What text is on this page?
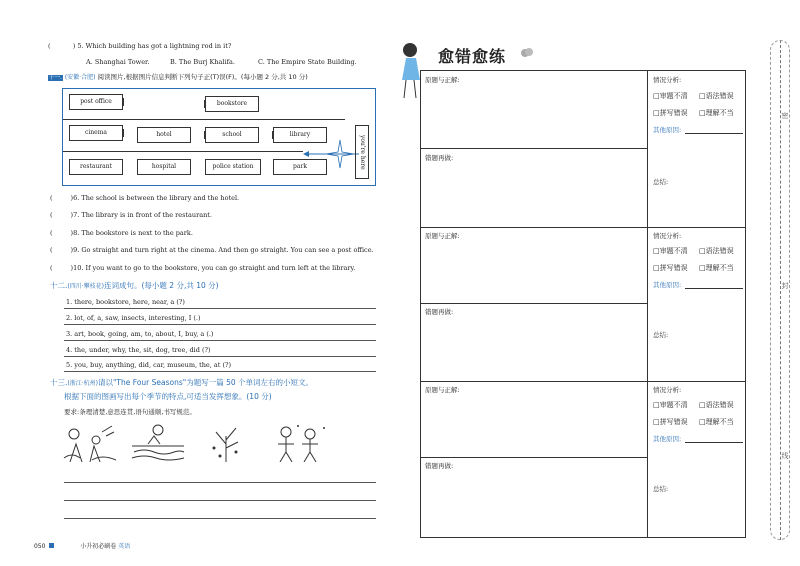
(	) 5. Which building has got a lightning rod in it?
A. Shanghai Tower.	B. The Burj Khalifa.	C. The Empire State Building.
十一. (安徽·合肥) 阅读图片,根据图片信息判断下列句子正(T)误(F)。(每小题 2 分,共 10 分)
post office	bookstore
cinema	hotel	school	library
restaurant	hospital	police station	park	you're here
(	)6. The school is between the library and the hotel.
(	)7. The library is in front of the restaurant.
(	)8. The bookstore is next to the park.
(	)9. Go straight and turn right at the cinema. And then go straight. You can see a post office.
(	)10. If you want to go to the bookstore, you can go straight and turn left at the library.
十二.(四川·攀枝花)连词成句。(每小题 2 分,共 10 分)
1. there, bookstore, here, near, a (?)
2. lot, of, a, saw, insects, interesting, I (.)
3. art, book, going, am, to, about, I, buy, a (.)
4. the, under, why, the, sit, dog, tree, did (?)
5. you, buy, anything, did, car, museum, the, at (?)
十三.(浙江·杭州)请以"The Four Seasons"为题写一篇 50 个单词左右的小短文。
根据下面的图画写出每个季节的特点,可适当发挥想象。(10 分)
要求:条理清楚,意思连贯,语句通顺,书写规范。
050	小升初必刷卷 英语
愈错愈练
原题与正解:
错题再做:
情况分析:
□审题不清 □语法错误
□拼写错误 □理解不当
其他原因:
总结:
原题与正解:
错题再做:
情况分析:
□审题不清 □语法错误
□拼写错误 □理解不当
其他原因:
总结:
原题与正解:
错题再做:
情况分析:
□审题不清 □语法错误
□拼写错误 □理解不当
其他原因:
总结:
密
封
线
